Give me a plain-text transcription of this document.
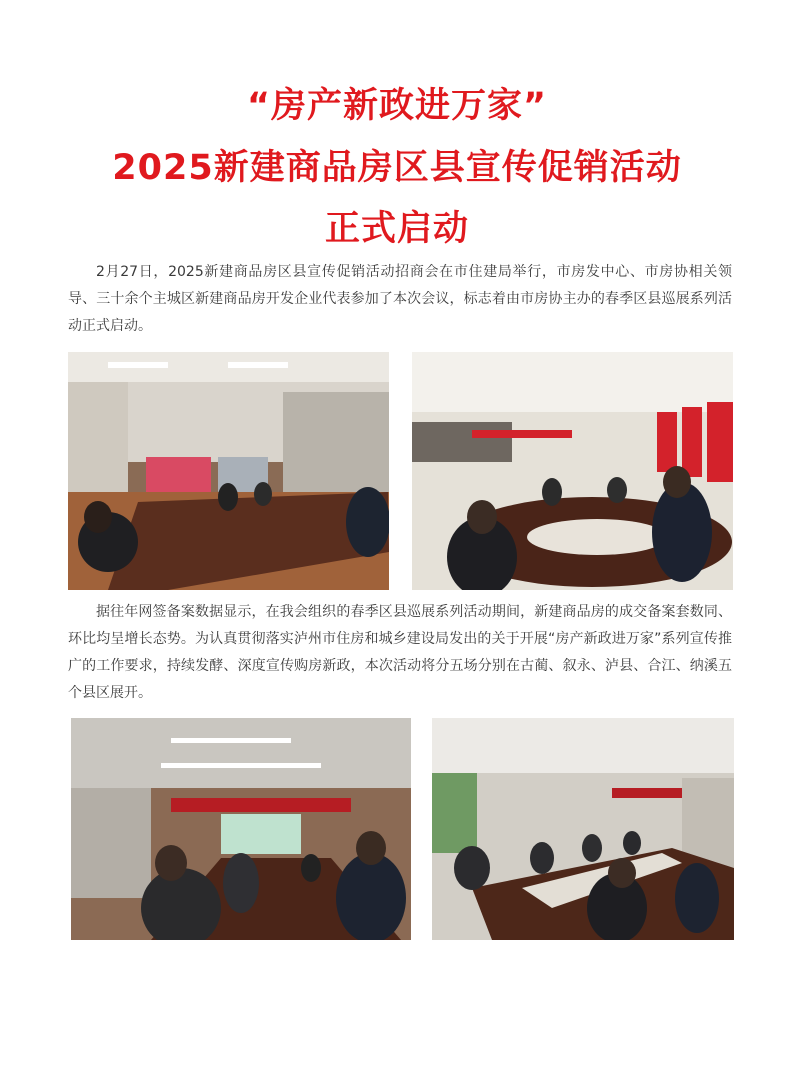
“房产新政进万家”
2025新建商品房区县宣传促销活动
正式启动

2月27日，2025新建商品房区县宣传促销活动招商会在市住建局举行，市房发中心、市房协相关领导、三十余个主城区新建商品房开发企业代表参加了本次会议，标志着由市房协主办的春季区县巡展系列活动正式启动。

据往年网签备案数据显示，在我会组织的春季区县巡展系列活动期间，新建商品房的成交备案套数同、环比均呈增长态势。为认真贯彻落实泸州市住房和城乡建设局发出的关于开展“房产新政进万家”系列宣传推广的工作要求，持续发酵、深度宣传购房新政，本次活动将分五场分别在古蔺、叙永、泸县、合江、纳溪五个县区展开。
